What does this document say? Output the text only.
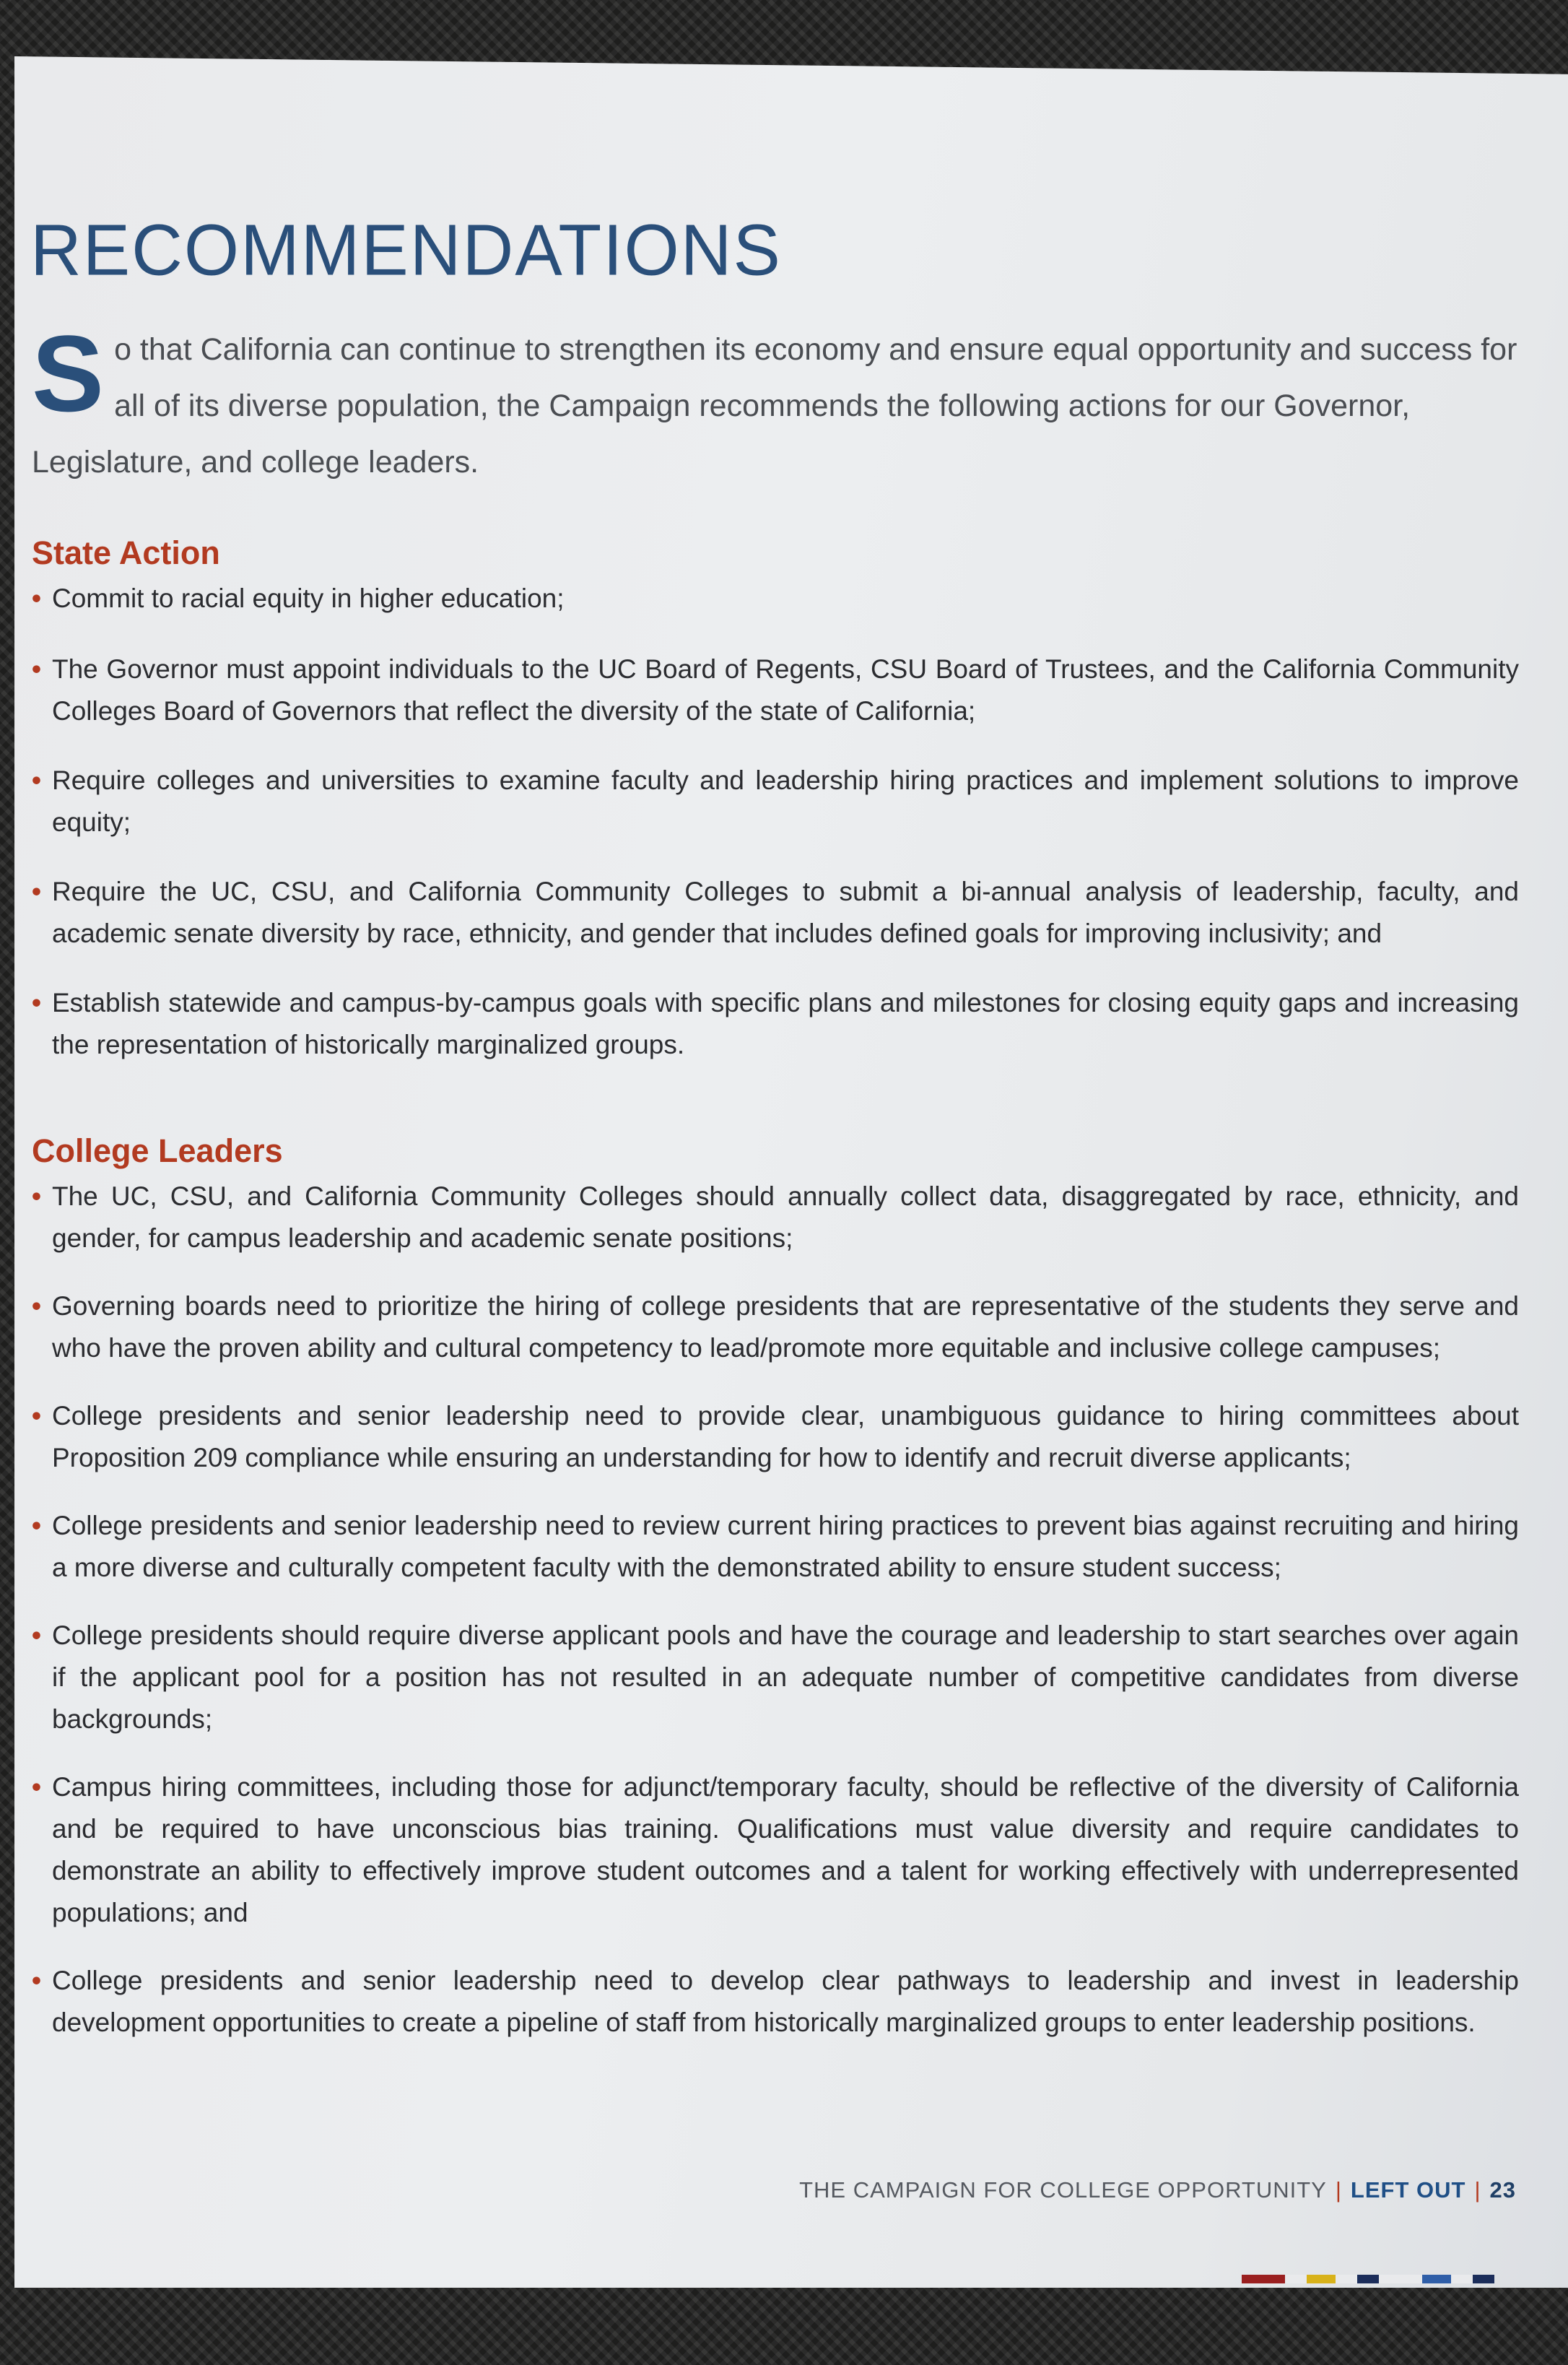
RECOMMENDATIONS

So that California can continue to strengthen its economy and ensure equal opportunity and success for all of its diverse population, the Campaign recommends the following actions for our Governor, Legislature, and college leaders.

State Action
• Commit to racial equity in higher education;
• The Governor must appoint individuals to the UC Board of Regents, CSU Board of Trustees, and the California Community Colleges Board of Governors that reflect the diversity of the state of California;
• Require colleges and universities to examine faculty and leadership hiring practices and implement solutions to improve equity;
• Require the UC, CSU, and California Community Colleges to submit a bi-annual analysis of leadership, faculty, and academic senate diversity by race, ethnicity, and gender that includes defined goals for improving inclusivity; and
• Establish statewide and campus-by-campus goals with specific plans and milestones for closing equity gaps and increasing the representation of historically marginalized groups.
College Leaders
• The UC, CSU, and California Community Colleges should annually collect data, disaggregated by race, ethnicity, and gender, for campus leadership and academic senate positions;
• Governing boards need to prioritize the hiring of college presidents that are representative of the students they serve and who have the proven ability and cultural competency to lead/promote more equitable and inclusive college campuses;
• College presidents and senior leadership need to provide clear, unambiguous guidance to hiring committees about Proposition 209 compliance while ensuring an understanding for how to identify and recruit diverse applicants;
• College presidents and senior leadership need to review current hiring practices to prevent bias against recruiting and hiring a more diverse and culturally competent faculty with the demonstrated ability to ensure student success;
• College presidents should require diverse applicant pools and have the courage and leadership to start searches over again if the applicant pool for a position has not resulted in an adequate number of competitive candidates from diverse backgrounds;
• Campus hiring committees, including those for adjunct/temporary faculty, should be reflective of the diversity of California and be required to have unconscious bias training. Qualifications must value diversity and require candidates to demonstrate an ability to effectively improve student outcomes and a talent for working effectively with underrepresented populations; and
• College presidents and senior leadership need to develop clear pathways to leadership and invest in leadership development opportunities to create a pipeline of staff from historically marginalized groups to enter leadership positions.
THE CAMPAIGN FOR COLLEGE OPPORTUNITY | LEFT OUT | 23
